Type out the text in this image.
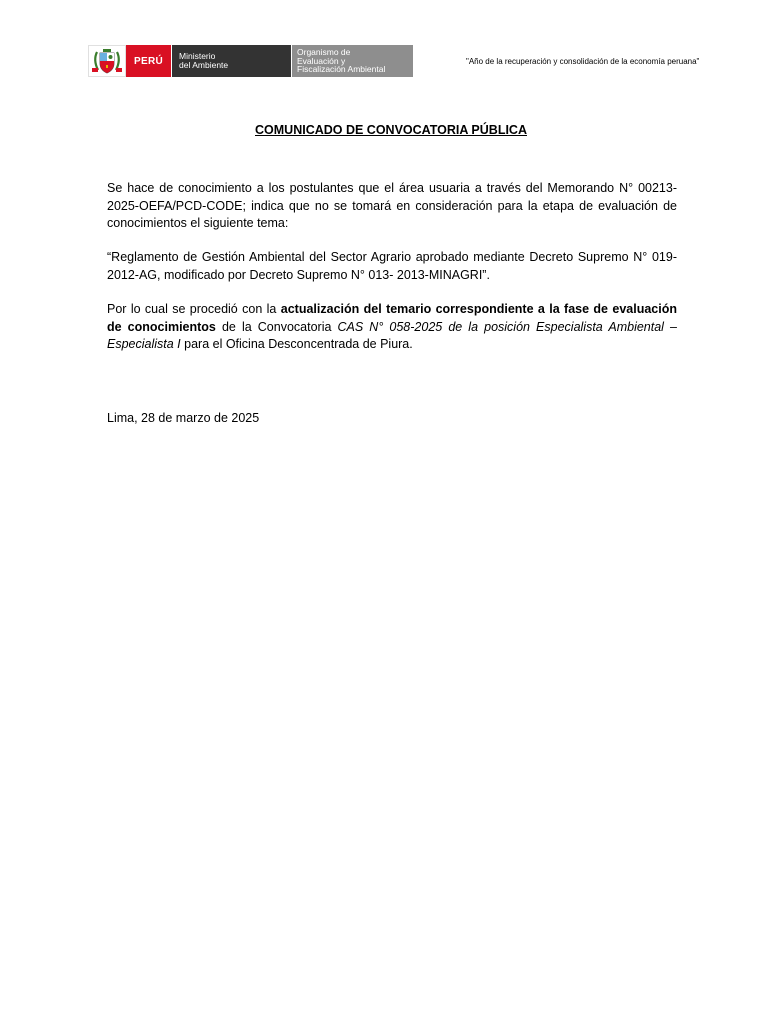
PERÚ	Ministerio
del Ambiente
Organismo de
Evaluación y
Fiscalización Ambiental
"Año de la recuperación y consolidación de la economía peruana"
COMUNICADO DE CONVOCATORIA PÚBLICA

Se hace de conocimiento a los postulantes que el área usuaria a través del Memorando N° 00213-2025-OEFA/PCD-CODE; indica que no se tomará en consideración para la etapa de evaluación de conocimientos el siguiente tema:

“Reglamento de Gestión Ambiental del Sector Agrario aprobado mediante Decreto Supremo N° 019-2012-AG, modificado por Decreto Supremo N° 013- 2013-MINAGRI”.

Por lo cual se procedió con la actualización del temario correspondiente a la fase de evaluación de conocimientos de la Convocatoria CAS N° 058-2025 de la posición Especialista Ambiental – Especialista I para el Oficina Desconcentrada de Piura.

Lima, 28 de marzo de 2025
